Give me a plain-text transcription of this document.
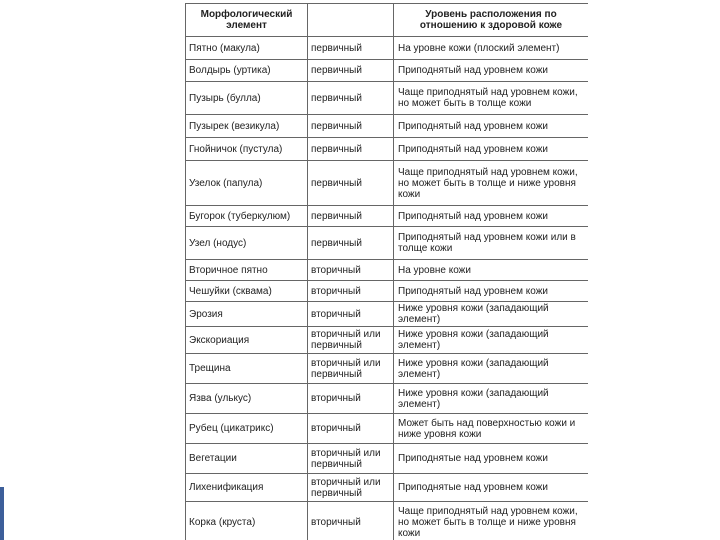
Морфологический элемент		Уровень расположения по отношению к здоровой коже
Пятно (макула)	первичный	На уровне кожи (плоский элемент)
Волдырь (уртика)	первичный	Приподнятый над уровнем кожи
Пузырь (булла)	первичный	Чаще приподнятый над уровнем кожи, но может быть в толще кожи
Пузырек (везикула)	первичный	Приподнятый над уровнем кожи
Гнойничок (пустула)	первичный	Приподнятый над уровнем кожи
Узелок (папула)	первичный	Чаще приподнятый над уровнем кожи, но может быть в толще и ниже уровня кожи
Бугорок (туберкулюм)	первичный	Приподнятый над уровнем кожи
Узел (нодус)	первичный	Приподнятый над уровнем кожи или в толще кожи
Вторичное пятно	вторичный	На уровне кожи
Чешуйки (сквама)	вторичный	Приподнятый над уровнем кожи
Эрозия	вторичный	Ниже уровня кожи (западающий элемент)
Экскориация	вторичный или первичный	Ниже уровня кожи (западающий элемент)
Трещина	вторичный или первичный	Ниже уровня кожи (западающий элемент)
Язва (улькус)	вторичный	Ниже уровня кожи (западающий элемент)
Рубец (цикатрикс)	вторичный	Может быть над поверхностью кожи и ниже уровня кожи
Вегетации	вторичный или первичный	Приподнятые над уровнем кожи
Лихенификация	вторичный или первичный	Приподнятые над уровнем кожи
Корка (круста)	вторичный	Чаще приподнятый над уровнем кожи, но может быть в толще и ниже уровня кожи
